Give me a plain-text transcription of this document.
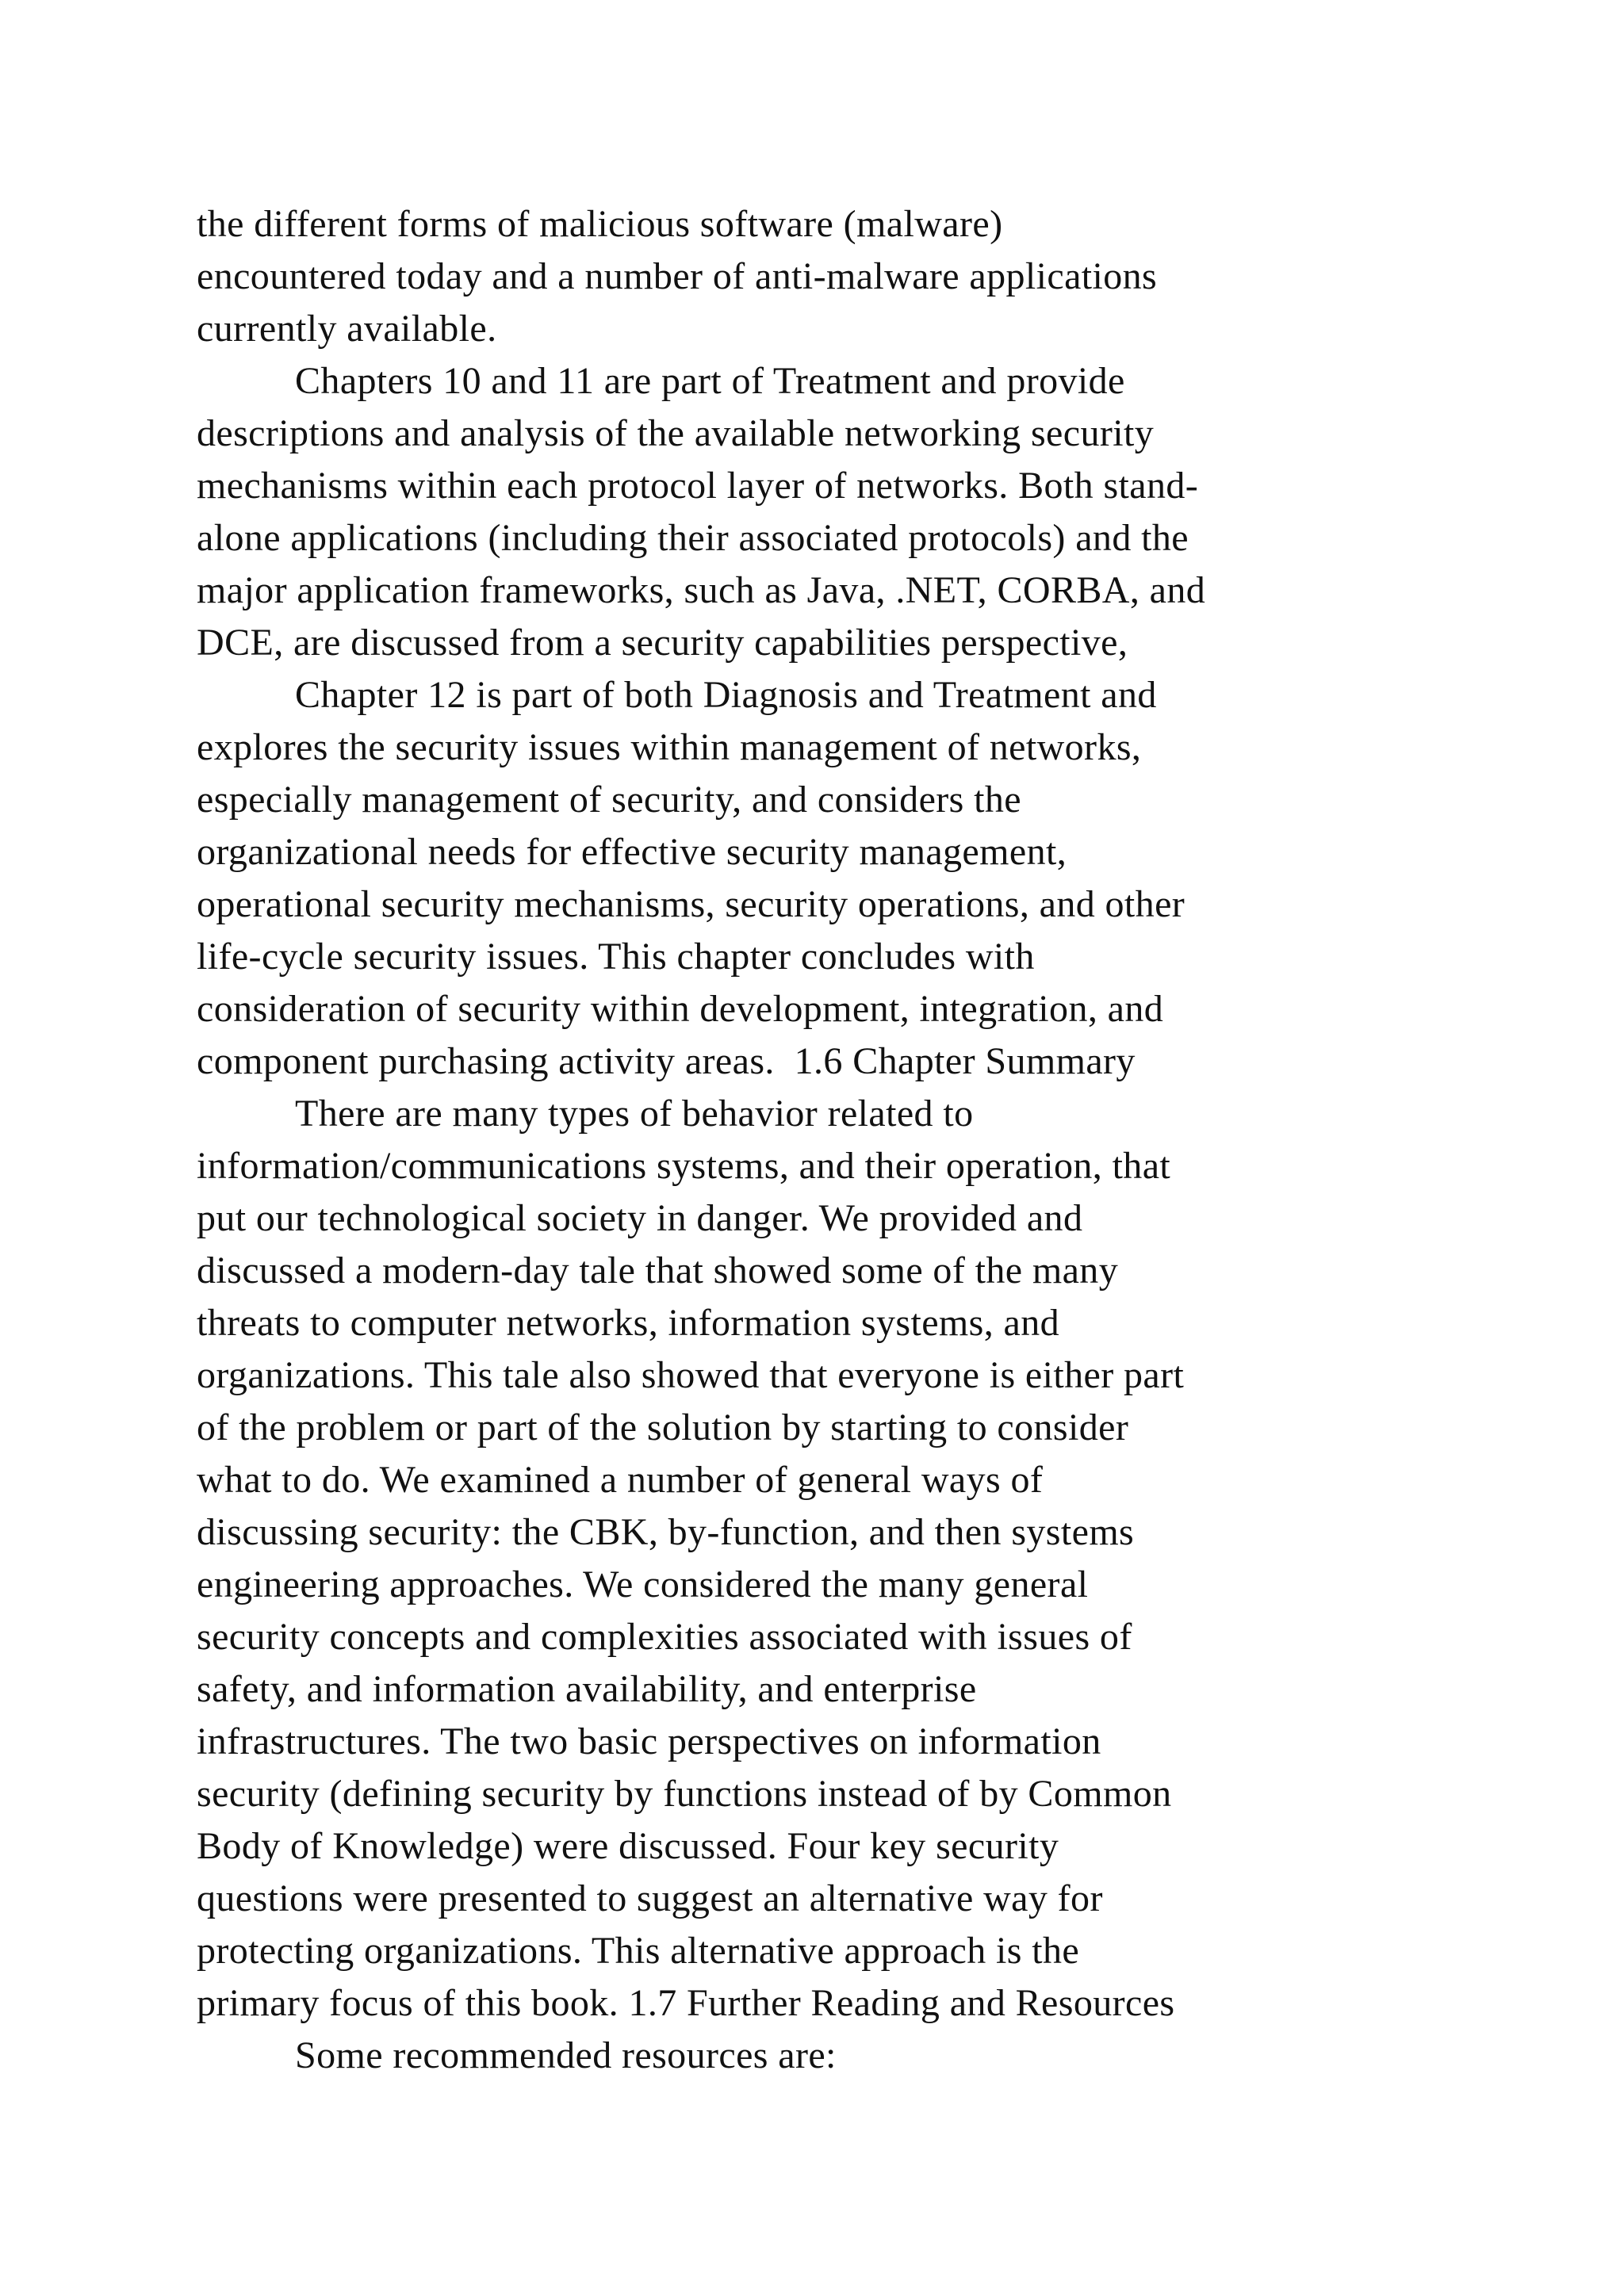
the different forms of malicious software (malware)
encountered today and a number of anti-malware applications
currently available.
Chapters 10 and 11 are part of Treatment and provide
descriptions and analysis of the available networking security
mechanisms within each protocol layer of networks. Both stand-
alone applications (including their associated protocols) and the
major application frameworks, such as Java, .NET, CORBA, and
DCE, are discussed from a security capabilities perspective,
Chapter 12 is part of both Diagnosis and Treatment and
explores the security issues within management of networks,
especially management of security, and considers the
organizational needs for effective security management,
operational security mechanisms, security operations, and other
life-cycle security issues. This chapter concludes with
consideration of security within development, integration, and
component purchasing activity areas.  1.6 Chapter Summary
There are many types of behavior related to
information/communications systems, and their operation, that
put our technological society in danger. We provided and
discussed a modern-day tale that showed some of the many
threats to computer networks, information systems, and
organizations. This tale also showed that everyone is either part
of the problem or part of the solution by starting to consider
what to do. We examined a number of general ways of
discussing security: the CBK, by-function, and then systems
engineering approaches. We considered the many general
security concepts and complexities associated with issues of
safety, and information availability, and enterprise
infrastructures. The two basic perspectives on information
security (defining security by functions instead of by Common
Body of Knowledge) were discussed. Four key security
questions were presented to suggest an alternative way for
protecting organizations. This alternative approach is the
primary focus of this book. 1.7 Further Reading and Resources
Some recommended resources are:
